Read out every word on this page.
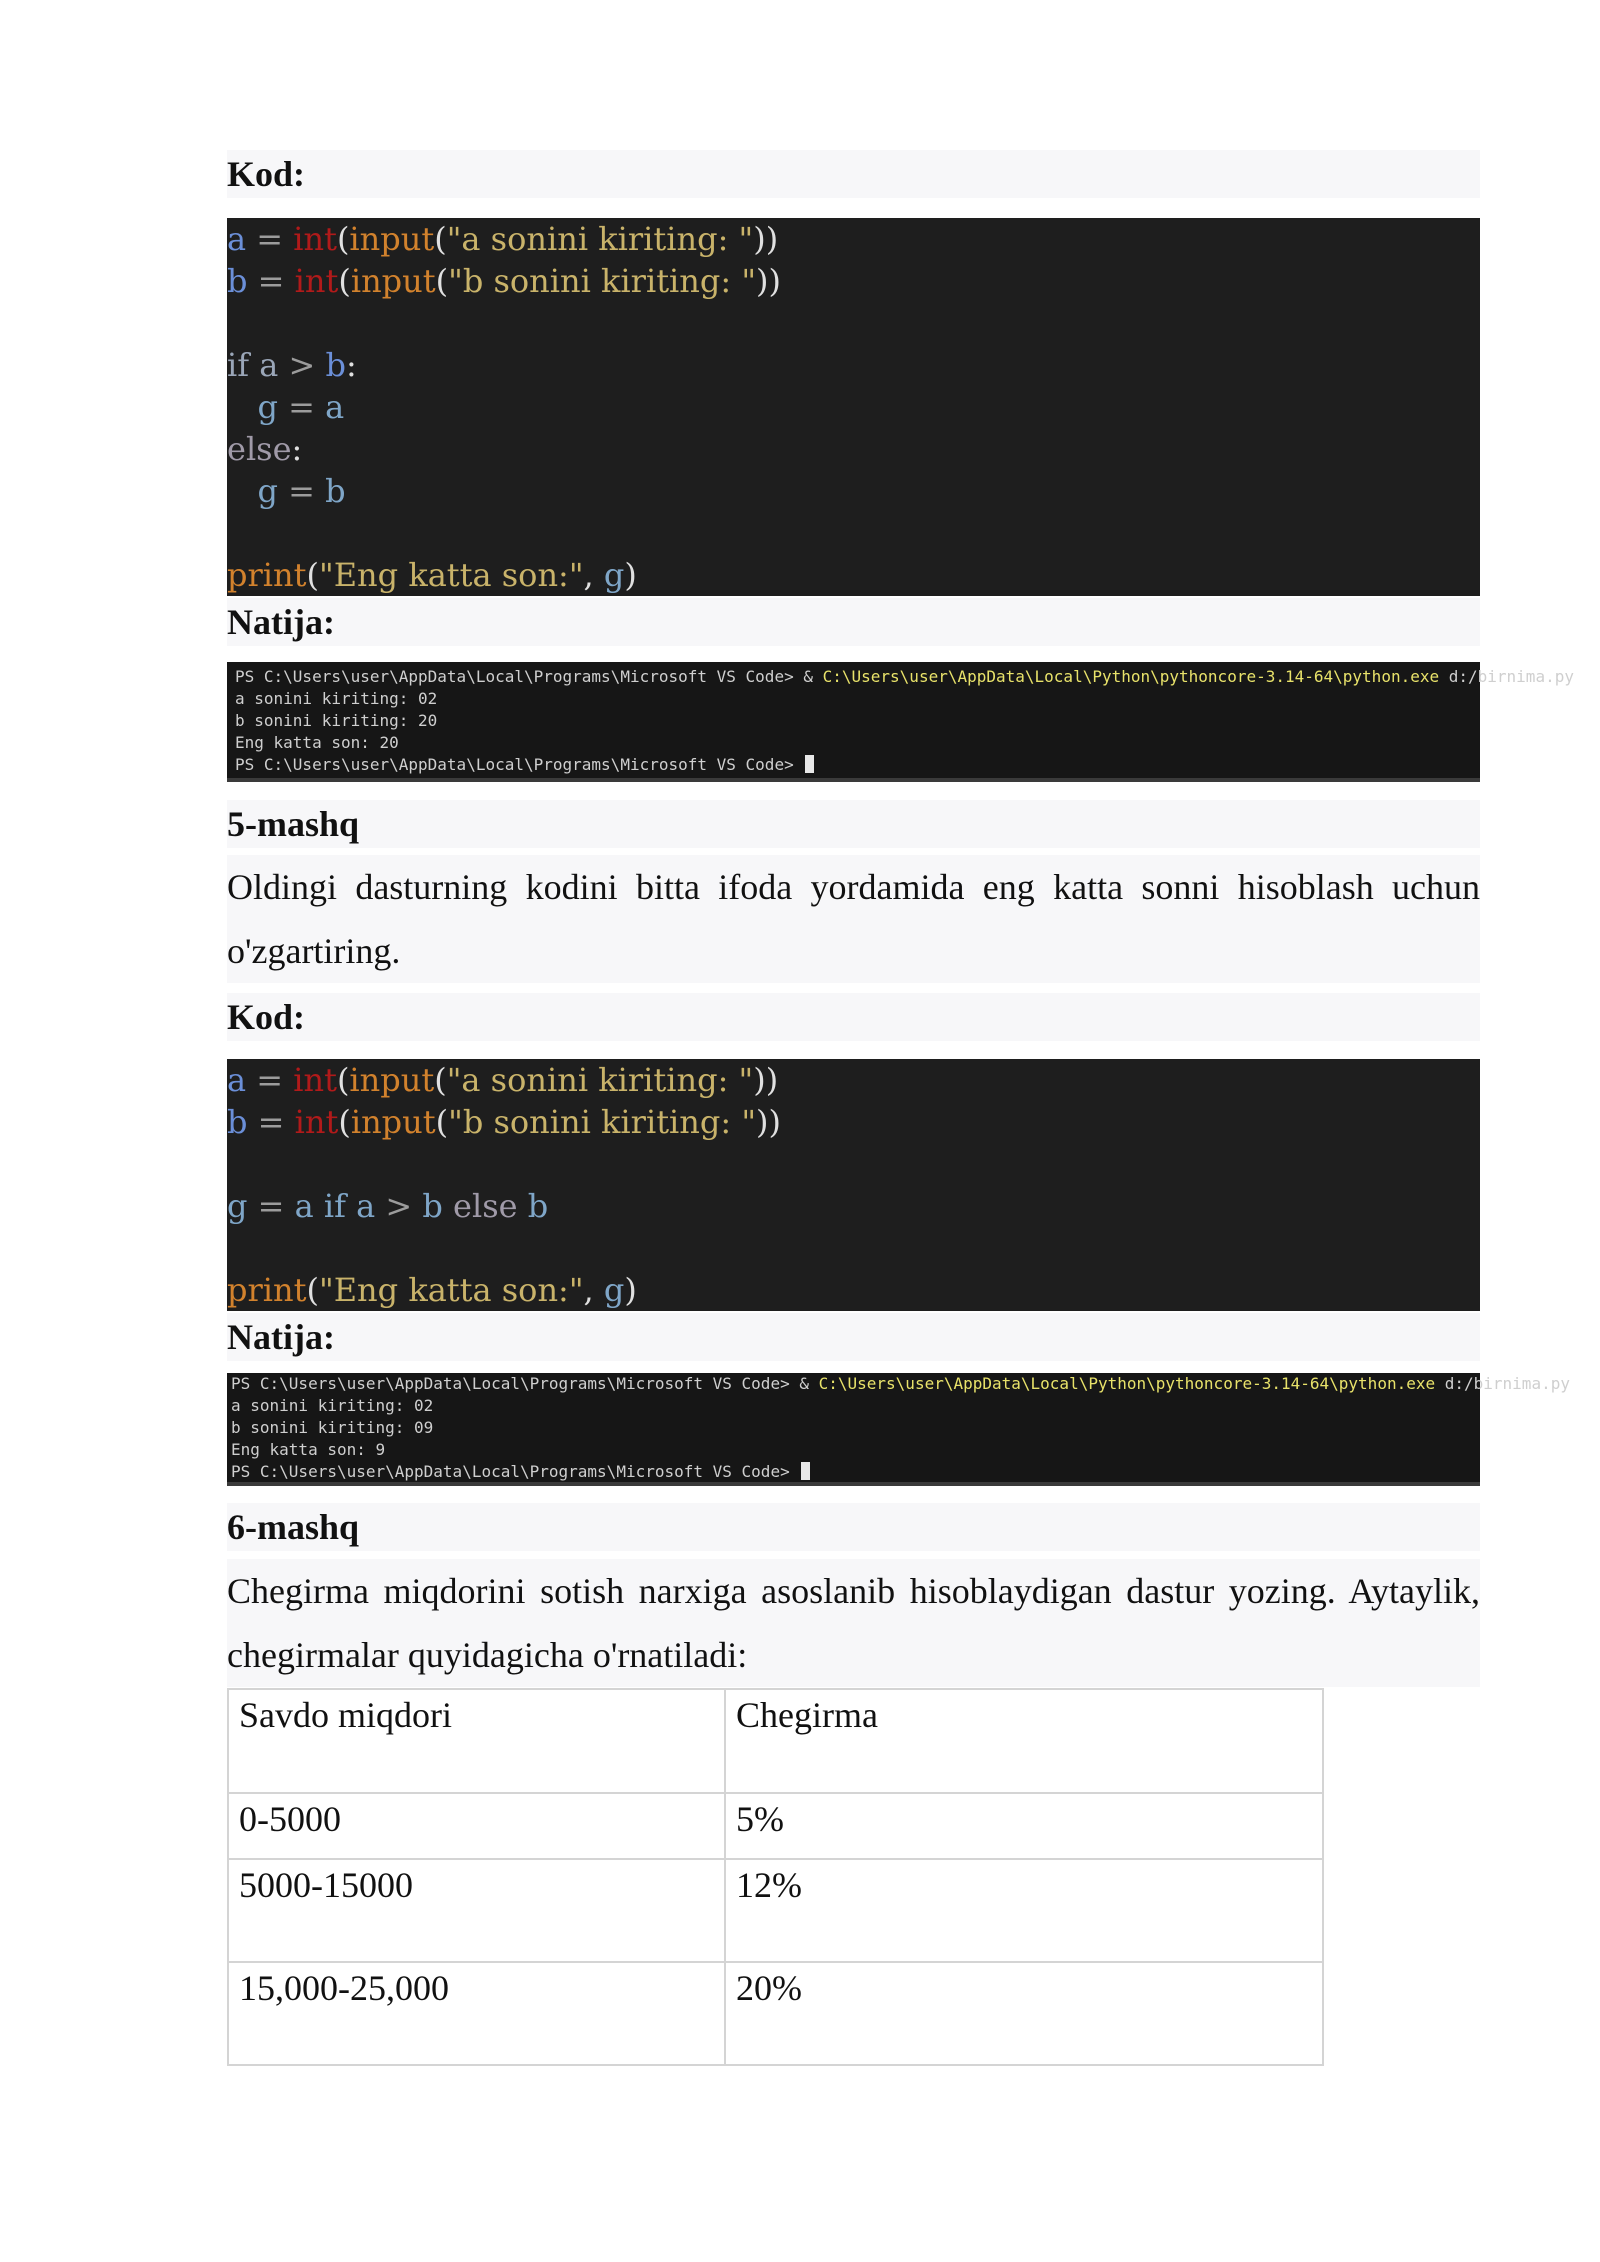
Kod:
a = int(input("a sonini kiriting: "))
b = int(input("b sonini kiriting: "))

if a > b:
g = a
else:
g = b

print("Eng katta son:", g)
Natija:
PS C:\Users\user\AppData\Local\Programs\Microsoft VS Code> & C:\Users\user\AppData\Local\Python\pythoncore-3.14-64\python.exe d:/birnima.py
a sonini kiriting: 02
b sonini kiriting: 20
Eng katta son: 20
PS C:\Users\user\AppData\Local\Programs\Microsoft VS Code>
5-mashq
Oldingi dasturning kodini bitta ifoda yordamida eng katta sonni hisoblash uchun o'zgartiring.
Kod:
a = int(input("a sonini kiriting: "))
b = int(input("b sonini kiriting: "))

g = a if a > b else b

print("Eng katta son:", g)
Natija:
PS C:\Users\user\AppData\Local\Programs\Microsoft VS Code> & C:\Users\user\AppData\Local\Python\pythoncore-3.14-64\python.exe d:/birnima.py
a sonini kiriting: 02
b sonini kiriting: 09
Eng katta son: 9
PS C:\Users\user\AppData\Local\Programs\Microsoft VS Code>
6-mashq
Chegirma miqdorini sotish narxiga asoslanib hisoblaydigan dastur yozing. Aytaylik, chegirmalar quyidagicha o'rnatiladi:
Savdo miqdori	Chegirma
0-5000	5%
5000-15000	12%
15,000-25,000	20%
